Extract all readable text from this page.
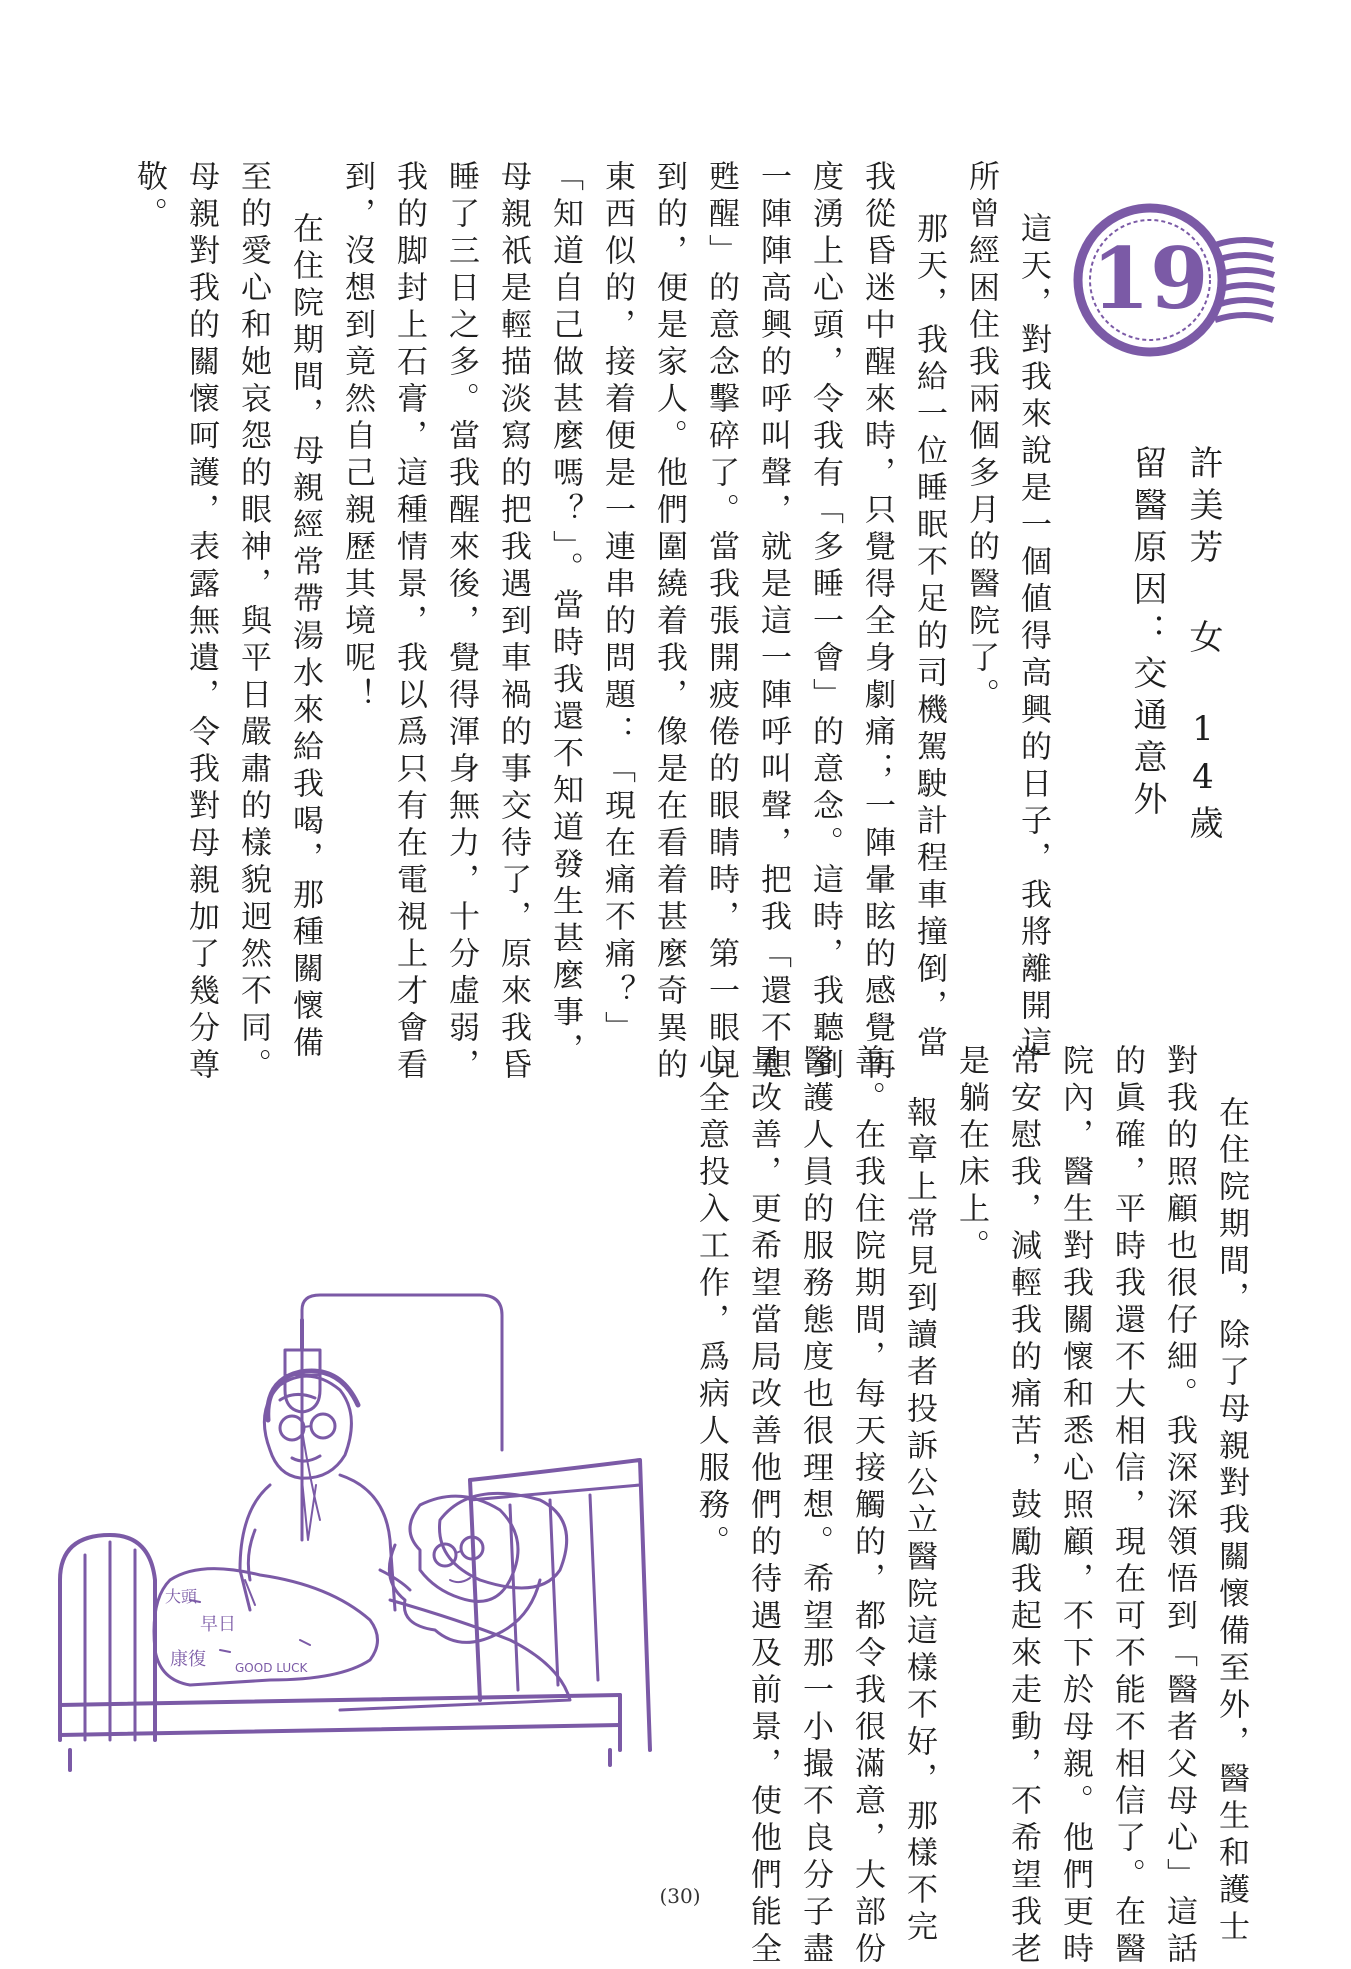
19
許美芳 女 14歲
留醫原因：交通意外
這天，對我來說是一個値得高興的日子，我將離開這
所曾經困住我兩個多月的醫院了。
那天，我給一位睡眠不足的司機駕駛計程車撞倒，當
我從昏迷中醒來時，只覺得全身劇痛；一陣暈眩的感覺再
度湧上心頭，令我有「多睡一會」的意念。這時，我聽到
一陣陣高興的呼叫聲，就是這一陣呼叫聲，把我「還不想
甦醒」的意念擊碎了。當我張開疲倦的眼睛時，第一眼見
到的，便是家人。他們圍繞着我，像是在看着甚麼奇異的
東西似的，接着便是一連串的問題：「現在痛不痛？」
「知道自己做甚麼嗎？」。當時我還不知道發生甚麼事，
母親祇是輕描淡寫的把我遇到車禍的事交待了，原來我昏
睡了三日之多。當我醒來後，覺得渾身無力，十分虛弱，
我的脚封上石膏，這種情景，我以爲只有在電視上才會看
到，沒想到竟然自己親歷其境呢！
在住院期間，母親經常帶湯水來給我喝，那種關懷備
至的愛心和她哀怨的眼神，與平日嚴肅的樣貌迥然不同。
母親對我的關懷呵護，表露無遺，令我對母親加了幾分尊
敬。
在住院期間，除了母親對我關懷備至外，醫生和護士
對我的照顧也很仔細。我深深領悟到「醫者父母心」這話
的眞確，平時我還不大相信，現在可不能不相信了。在醫
院內，醫生對我關懷和悉心照顧，不下於母親。他們更時
常安慰我，減輕我的痛苦，鼓勵我起來走動，不希望我老
是躺在床上。
報章上常見到讀者投訴公立醫院這樣不好，那樣不完
善。在我住院期間，每天接觸的，都令我很滿意，大部份
醫護人員的服務態度也很理想。希望那一小撮不良分子盡
量改善，更希望當局改善他們的待遇及前景，使他們能全
心全意投入工作，爲病人服務。
大頭
早日
康復 GOOD LUCK
(30)
